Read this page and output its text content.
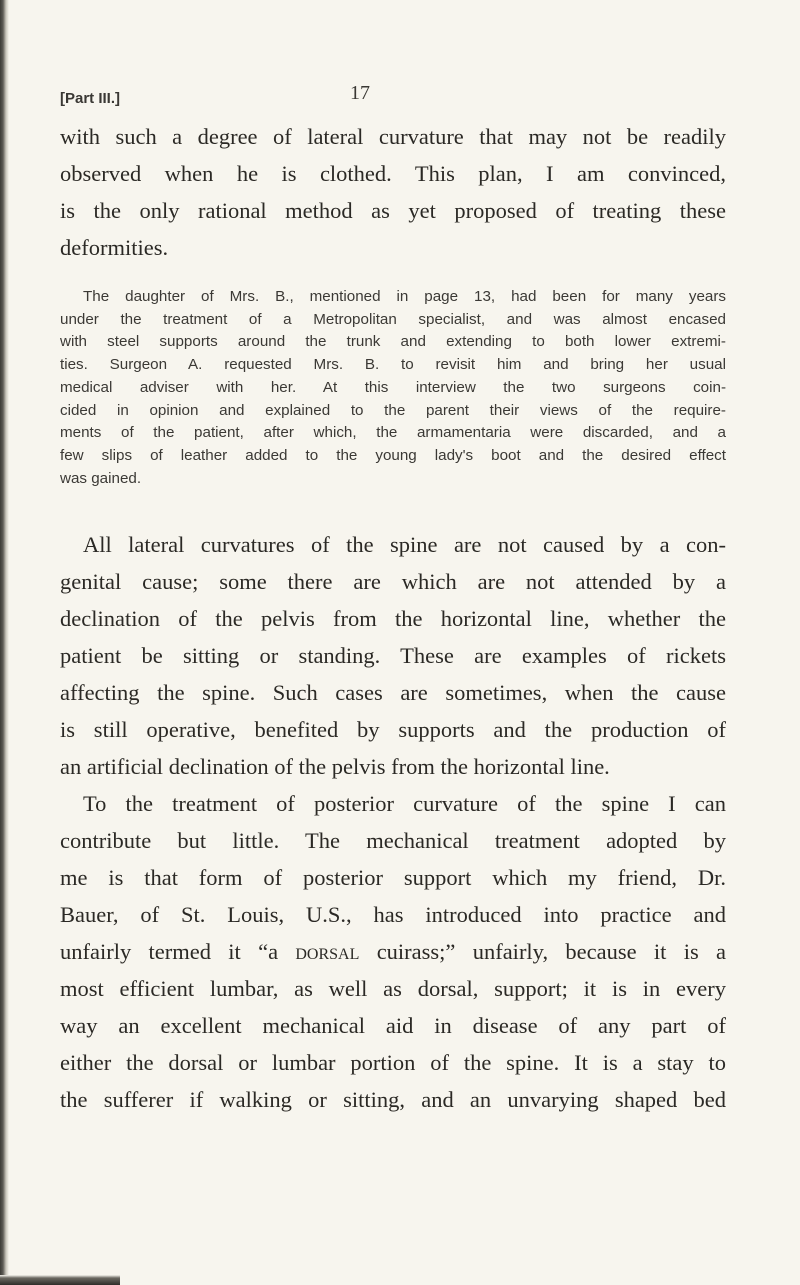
[Part III.]	17
with such a degree of lateral curvature that may not be readily
observed when he is clothed. This plan, I am convinced,
is the only rational method as yet proposed of treating these
deformities.
The daughter of Mrs. B., mentioned in page 13, had been for many years
under the treatment of a Metropolitan specialist, and was almost encased
with steel supports around the trunk and extending to both lower extremi-
ties. Surgeon A. requested Mrs. B. to revisit him and bring her usual
medical adviser with her. At this interview the two surgeons coin-
cided in opinion and explained to the parent their views of the require-
ments of the patient, after which, the armamentaria were discarded, and a
few slips of leather added to the young lady's boot and the desired effect
was gained.
All lateral curvatures of the spine are not caused by a con-
genital cause; some there are which are not attended by a
declination of the pelvis from the horizontal line, whether the
patient be sitting or standing. These are examples of rickets
affecting the spine. Such cases are sometimes, when the cause
is still operative, benefited by supports and the production of
an artificial declination of the pelvis from the horizontal line.
To the treatment of posterior curvature of the spine I can
contribute but little. The mechanical treatment adopted by
me is that form of posterior support which my friend, Dr.
Bauer, of St. Louis, U.S., has introduced into practice and
unfairly termed it “a dorsal cuirass;” unfairly, because it is a
most efficient lumbar, as well as dorsal, support; it is in every
way an excellent mechanical aid in disease of any part of
either the dorsal or lumbar portion of the spine. It is a stay to
the sufferer if walking or sitting, and an unvarying shaped bed
